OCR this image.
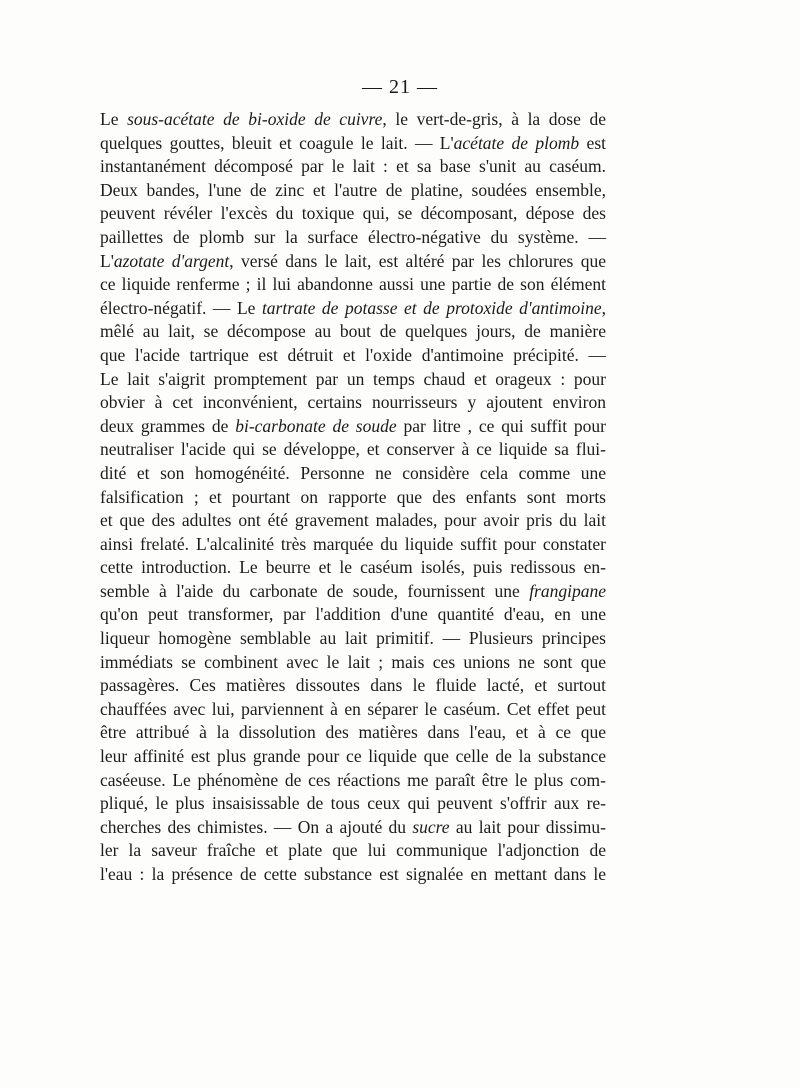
— 21 —
Le sous-acétate de bi-oxide de cuivre, le vert-de-gris, à la dose de
quelques gouttes, bleuit et coagule le lait. — L'acétate de plomb est
instantanément décomposé par le lait : et sa base s'unit au caséum.
Deux bandes, l'une de zinc et l'autre de platine, soudées ensemble,
peuvent révéler l'excès du toxique qui, se décomposant, dépose des
paillettes de plomb sur la surface électro-négative du système. —
L'azotate d'argent, versé dans le lait, est altéré par les chlorures que
ce liquide renferme ; il lui abandonne aussi une partie de son élément
électro-négatif. — Le tartrate de potasse et de protoxide d'antimoine,
mêlé au lait, se décompose au bout de quelques jours, de manière
que l'acide tartrique est détruit et l'oxide d'antimoine précipité. —
Le lait s'aigrit promptement par un temps chaud et orageux : pour
obvier à cet inconvénient, certains nourrisseurs y ajoutent environ
deux grammes de bi-carbonate de soude par litre , ce qui suffit pour
neutraliser l'acide qui se développe, et conserver à ce liquide sa flui-
dité et son homogénéité. Personne ne considère cela comme une
falsification ; et pourtant on rapporte que des enfants sont morts
et que des adultes ont été gravement malades, pour avoir pris du lait
ainsi frelaté. L'alcalinité très marquée du liquide suffit pour constater
cette introduction. Le beurre et le caséum isolés, puis redissous en-
semble à l'aide du carbonate de soude, fournissent une frangipane
qu'on peut transformer, par l'addition d'une quantité d'eau, en une
liqueur homogène semblable au lait primitif. — Plusieurs principes
immédiats se combinent avec le lait ; mais ces unions ne sont que
passagères. Ces matières dissoutes dans le fluide lacté, et surtout
chauffées avec lui, parviennent à en séparer le caséum. Cet effet peut
être attribué à la dissolution des matières dans l'eau, et à ce que
leur affinité est plus grande pour ce liquide que celle de la substance
caséeuse. Le phénomène de ces réactions me paraît être le plus com-
pliqué, le plus insaisissable de tous ceux qui peuvent s'offrir aux re-
cherches des chimistes. — On a ajouté du sucre au lait pour dissimu-
ler la saveur fraîche et plate que lui communique l'adjonction de
l'eau : la présence de cette substance est signalée en mettant dans le
